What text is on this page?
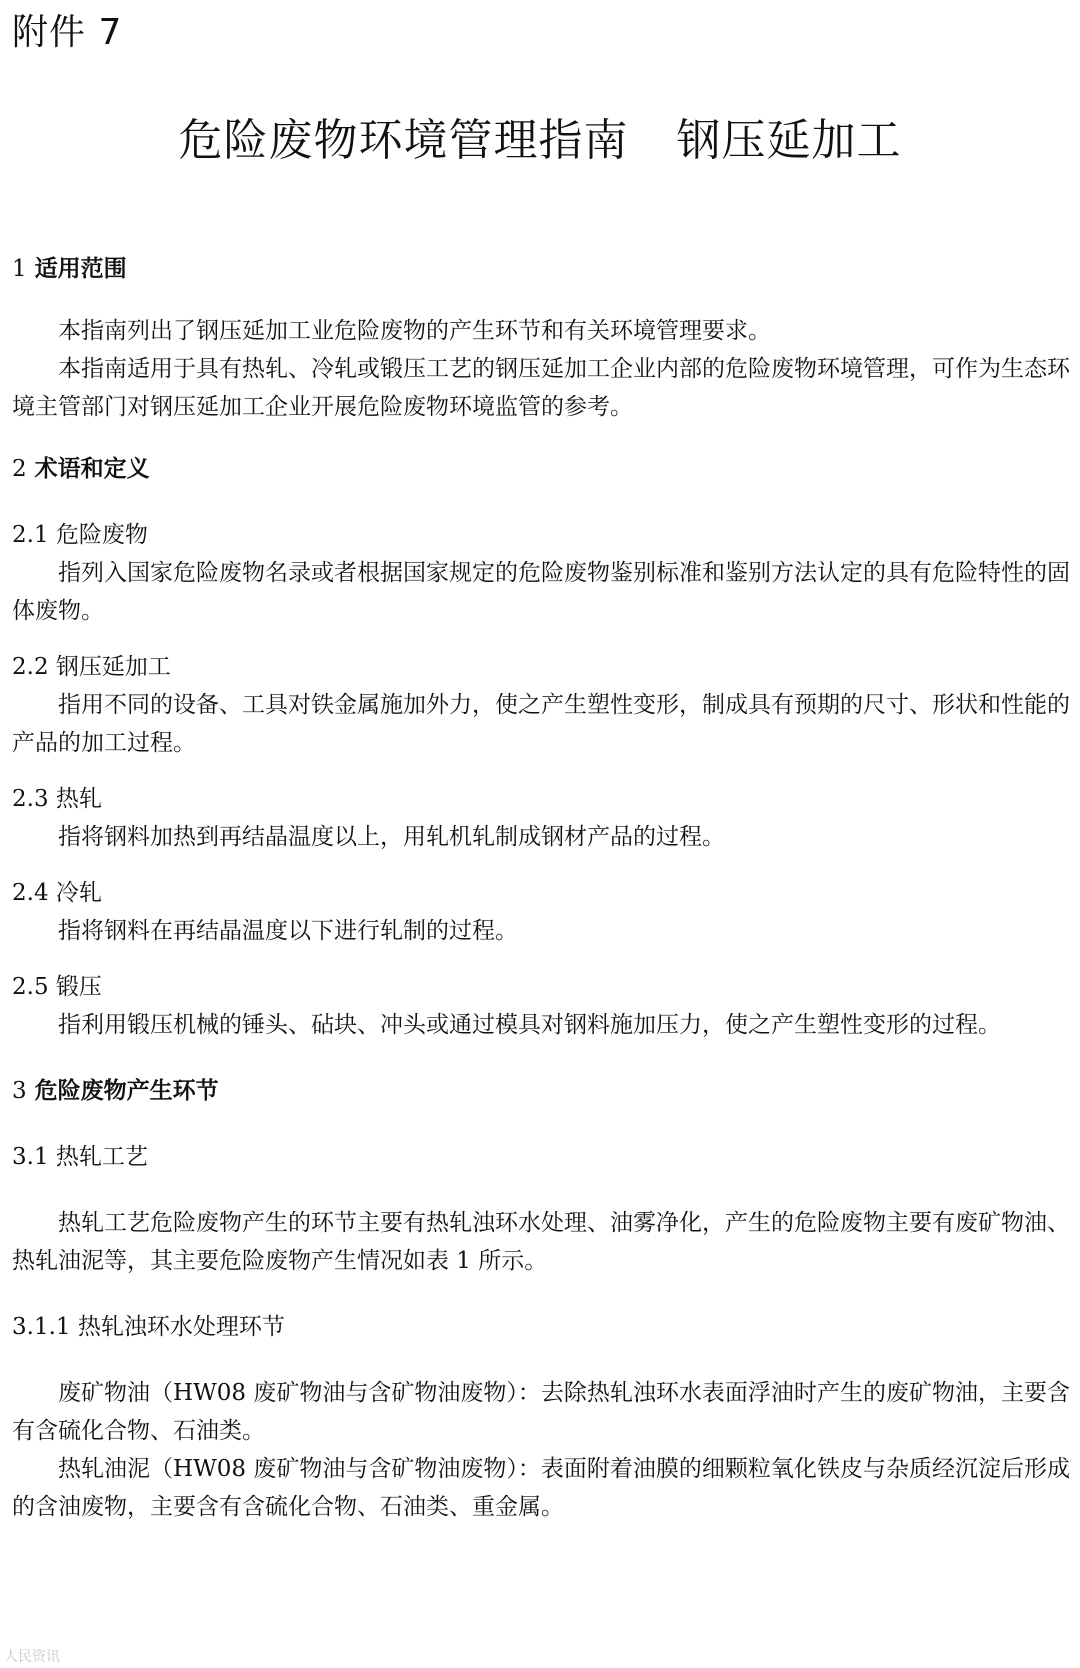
附件 7
危险废物环境管理指南 钢压延加工

1 适用范围

本指南列出了钢压延加工业危险废物的产生环节和有关环境管理要求。

本指南适用于具有热轧、冷轧或锻压工艺的钢压延加工企业内部的危险废物环境管理，可作为生态环境主管部门对钢压延加工企业开展危险废物环境监管的参考。

2 术语和定义

2.1 危险废物

指列入国家危险废物名录或者根据国家规定的危险废物鉴别标准和鉴别方法认定的具有危险特性的固体废物。

2.2 钢压延加工

指用不同的设备、工具对铁金属施加外力，使之产生塑性变形，制成具有预期的尺寸、形状和性能的产品的加工过程。

2.3 热轧

指将钢料加热到再结晶温度以上，用轧机轧制成钢材产品的过程。

2.4 冷轧

指将钢料在再结晶温度以下进行轧制的过程。

2.5 锻压

指利用锻压机械的锤头、砧块、冲头或通过模具对钢料施加压力，使之产生塑性变形的过程。

3 危险废物产生环节

3.1 热轧工艺

热轧工艺危险废物产生的环节主要有热轧浊环水处理、油雾净化，产生的危险废物主要有废矿物油、热轧油泥等，其主要危险废物产生情况如表 1 所示。

3.1.1 热轧浊环水处理环节

废矿物油（HW08 废矿物油与含矿物油废物）：去除热轧浊环水表面浮油时产生的废矿物油，主要含有含硫化合物、石油类。

热轧油泥（HW08 废矿物油与含矿物油废物）：表面附着油膜的细颗粒氧化铁皮与杂质经沉淀后形成的含油废物，主要含有含硫化合物、石油类、重金属。

人民资讯
